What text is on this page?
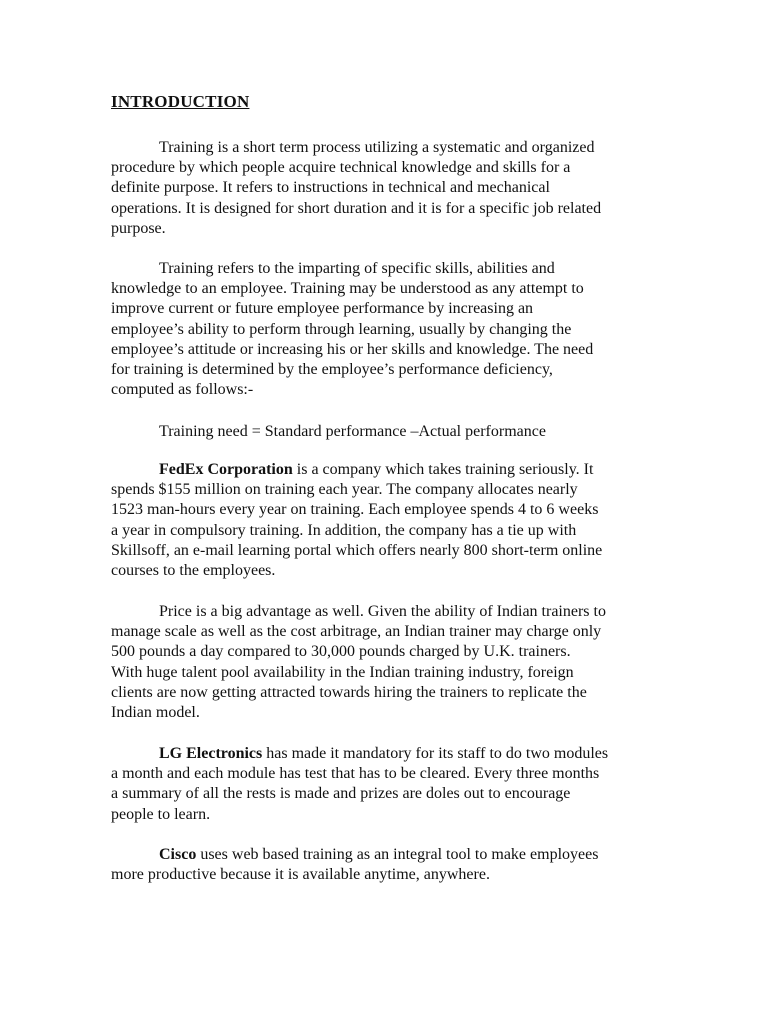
INTRODUCTION

Training is a short term process utilizing a systematic and organized
procedure by which people acquire technical knowledge and skills for a
definite purpose. It refers to instructions in technical and mechanical
operations. It is designed for short duration and it is for a specific job related
purpose.

Training refers to the imparting of specific skills, abilities and
knowledge to an employee. Training may be understood as any attempt to
improve current or future employee performance by increasing an
employee’s ability to perform through learning, usually by changing the
employee’s attitude or increasing his or her skills and knowledge. The need
for training is determined by the employee’s performance deficiency,
computed as follows:-

Training need = Standard performance –Actual performance

FedEx Corporation is a company which takes training seriously. It
spends $155 million on training each year. The company allocates nearly
1523 man-hours every year on training. Each employee spends 4 to 6 weeks
a year in compulsory training. In addition, the company has a tie up with
Skillsoff, an e-mail learning portal which offers nearly 800 short-term online
courses to the employees.

Price is a big advantage as well. Given the ability of Indian trainers to
manage scale as well as the cost arbitrage, an Indian trainer may charge only
500 pounds a day compared to 30,000 pounds charged by U.K. trainers.
With huge talent pool availability in the Indian training industry, foreign
clients are now getting attracted towards hiring the trainers to replicate the
Indian model.

LG Electronics has made it mandatory for its staff to do two modules
a month and each module has test that has to be cleared. Every three months
a summary of all the rests is made and prizes are doles out to encourage
people to learn.

Cisco uses web based training as an integral tool to make employees
more productive because it is available anytime, anywhere.
